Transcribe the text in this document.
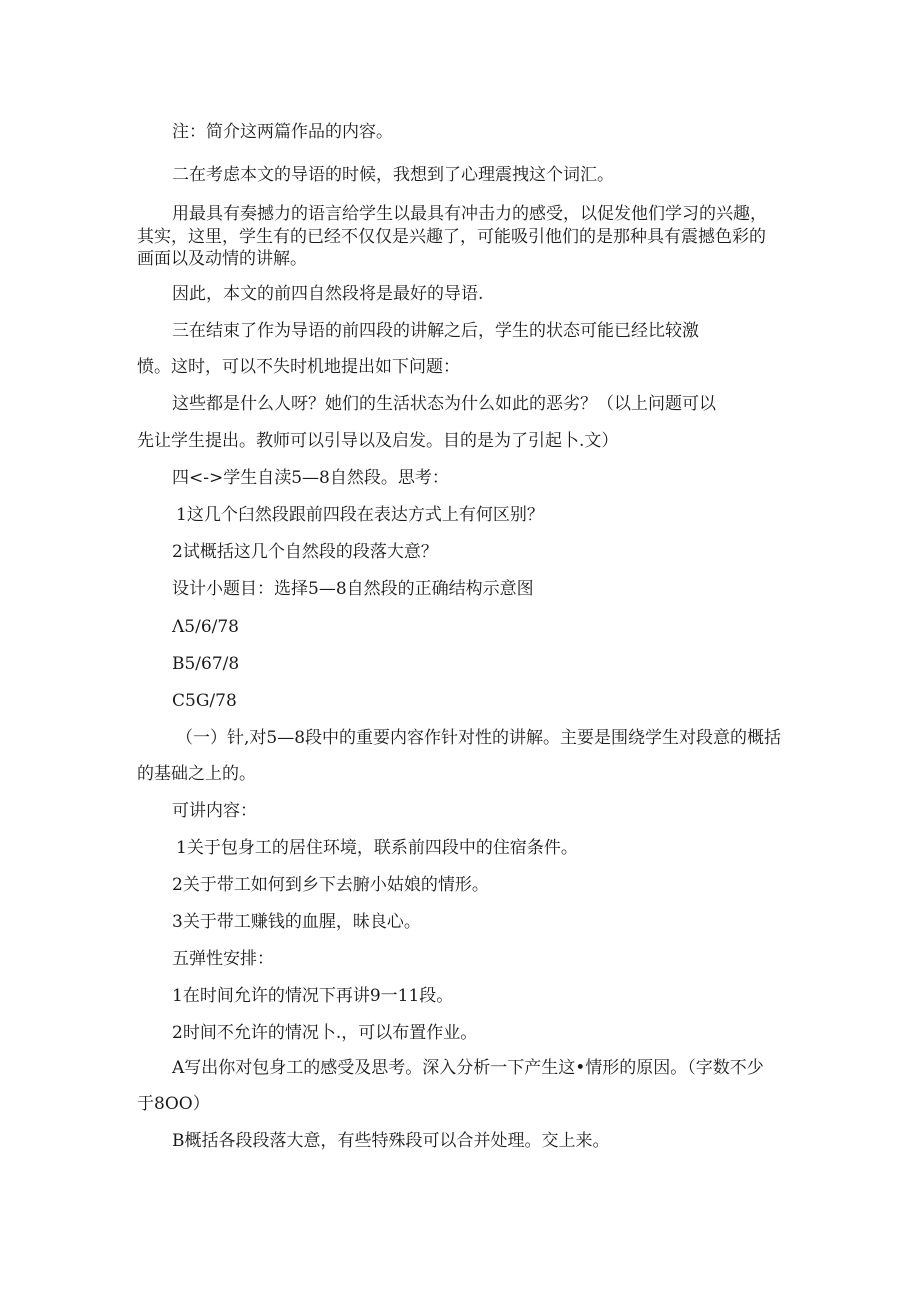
注：简介这两篇作品的内容。
二在考虑本文的导语的时候，我想到了心理震拽这个词汇。
用最具有奏撼力的语言给学生以最具有冲击力的感受，以促发他们学习的兴趣，
其实，这里，学生有的已经不仅仅是兴趣了，可能吸引他们的是那种具有震撼色彩的
画面以及动情的讲解。
因此，本文的前四自然段将是最好的导语.
三在结束了作为导语的前四段的讲解之后，学生的状态可能已经比较激
愤。这时，可以不失时机地提出如下问题：
这些都是什么人呀？她们的生活状态为什么如此的恶劣？（以上问题可以
先让学生提出。教师可以引导以及启发。目的是为了引起卜.文）
四<->学生自渎5—8自然段。思考：
1这几个臼然段跟前四段在表达方式上有何区别？
2试概括这几个自然段的段落大意？
设计小题目：选择5—8自然段的正确结构示意图
Λ5/6/78
B5/67/8
C5G/78
（一）针,对5—8段中的重要内容作针对性的讲解。主要是围绕学生对段意的概括
的基础之上的。
可讲内容：
1关于包身工的居住环境，联系前四段中的住宿条件。
2关于带工如何到乡下去腑小姑娘的情形。
3关于带工赚钱的血腥，昧良心。
五弹性安排：
1在时间允许的情况下再讲9一11段。
2时间不允许的情况卜.，可以布置作业。
A写出你对包身工的感受及思考。深入分析一下产生这•情形的原因。（字数不少
于8OO）
B概括各段段落大意，有些特殊段可以合并处理。交上来。
